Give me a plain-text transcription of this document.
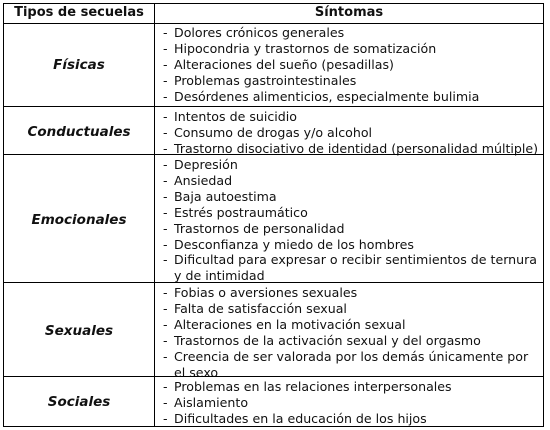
Tipos de secuelas	Síntomas
Físicas
- Dolores crónicos generales
- Hipocondria y trastornos de somatización
- Alteraciones del sueño (pesadillas)
- Problemas gastrointestinales
- Desórdenes alimenticios, especialmente bulimia
Conductuales
- Intentos de suicidio
- Consumo de drogas y/o alcohol
- Trastorno disociativo de identidad (personalidad múltiple)
Emocionales
- Depresión
- Ansiedad
- Baja autoestima
- Estrés postraumático
- Trastornos de personalidad
- Desconfianza y miedo de los hombres
- Dificultad para expresar o recibir sentimientos de ternura y de intimidad
Sexuales
- Fobias o aversiones sexuales
- Falta de satisfacción sexual
- Alteraciones en la motivación sexual
- Trastornos de la activación sexual y del orgasmo
- Creencia de ser valorada por los demás únicamente por el sexo
Sociales
- Problemas en las relaciones interpersonales
- Aislamiento
- Dificultades en la educación de los hijos
